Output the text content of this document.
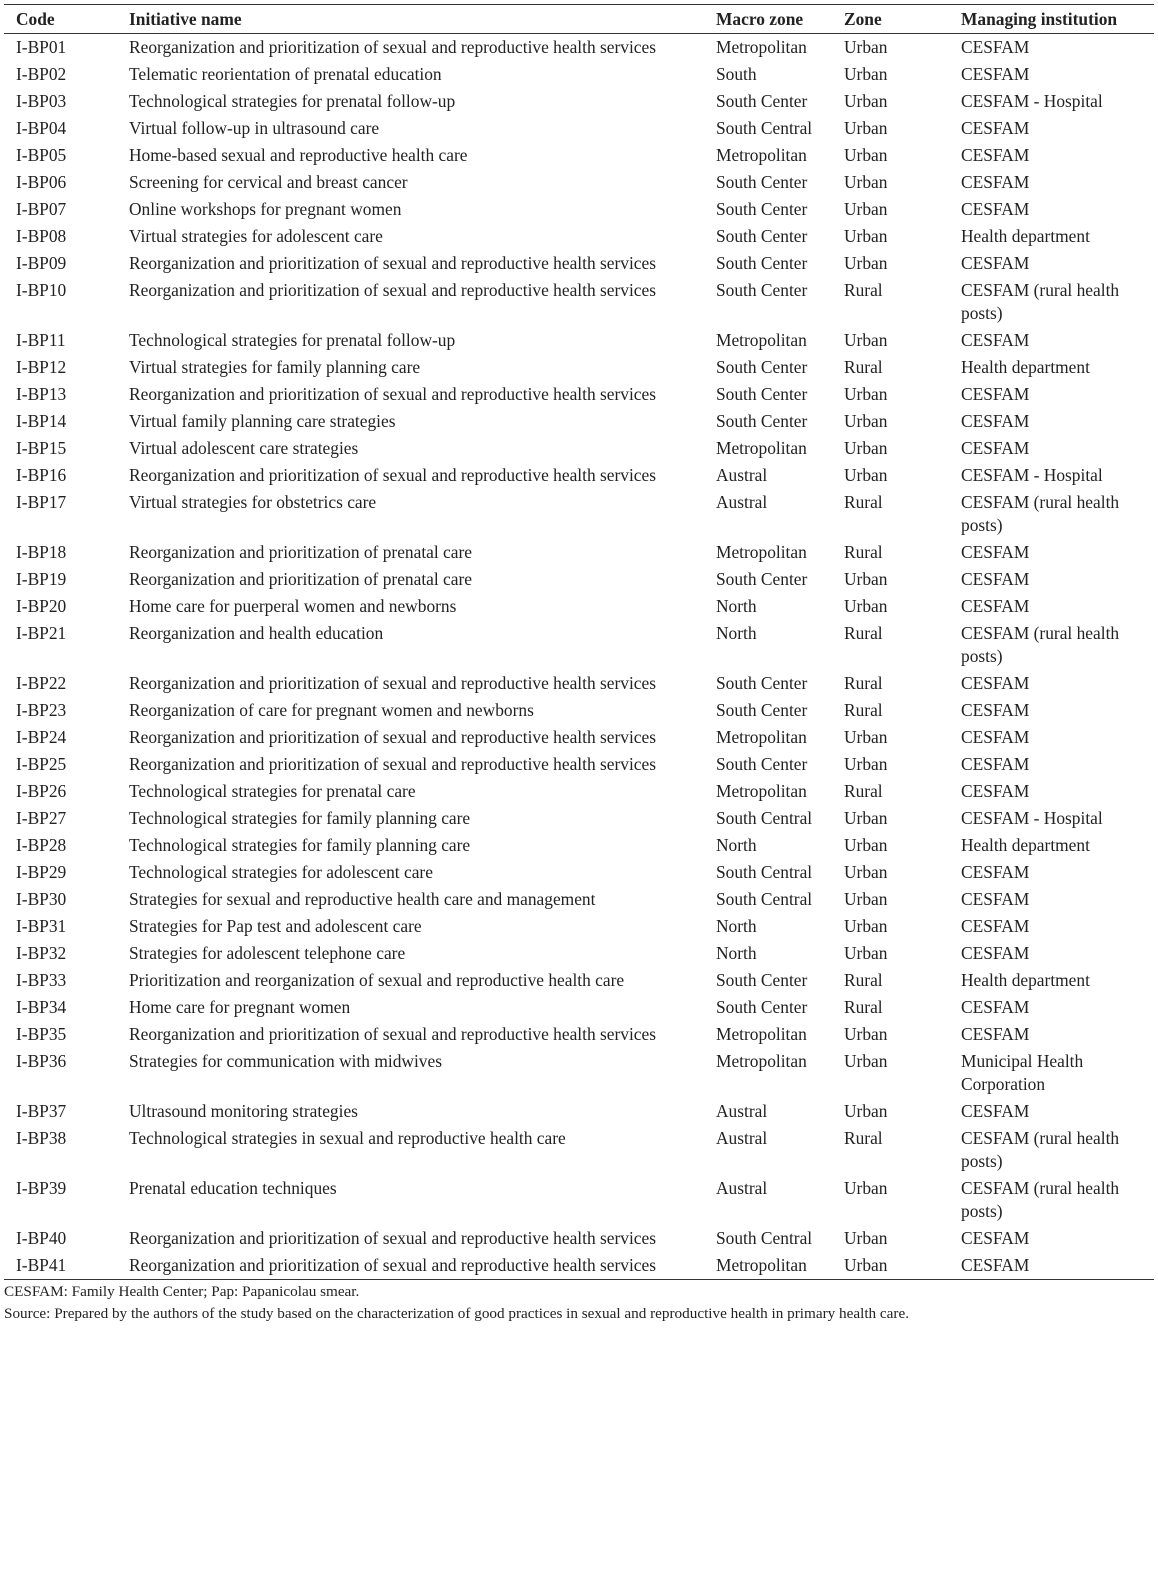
Code	Initiative name	Macro zone	Zone	Managing institution
I-BP01	Reorganization and prioritization of sexual and reproductive health services	Metropolitan	Urban	CESFAM
I-BP02	Telematic reorientation of prenatal education	South	Urban	CESFAM
I-BP03	Technological strategies for prenatal follow-up	South Center	Urban	CESFAM - Hospital
I-BP04	Virtual follow-up in ultrasound care	South Central	Urban	CESFAM
I-BP05	Home-based sexual and reproductive health care	Metropolitan	Urban	CESFAM
I-BP06	Screening for cervical and breast cancer	South Center	Urban	CESFAM
I-BP07	Online workshops for pregnant women	South Center	Urban	CESFAM
I-BP08	Virtual strategies for adolescent care	South Center	Urban	Health department
I-BP09	Reorganization and prioritization of sexual and reproductive health services	South Center	Urban	CESFAM
I-BP10	Reorganization and prioritization of sexual and reproductive health services	South Center	Rural	CESFAM (rural health posts)
I-BP11	Technological strategies for prenatal follow-up	Metropolitan	Urban	CESFAM
I-BP12	Virtual strategies for family planning care	South Center	Rural	Health department
I-BP13	Reorganization and prioritization of sexual and reproductive health services	South Center	Urban	CESFAM
I-BP14	Virtual family planning care strategies	South Center	Urban	CESFAM
I-BP15	Virtual adolescent care strategies	Metropolitan	Urban	CESFAM
I-BP16	Reorganization and prioritization of sexual and reproductive health services	Austral	Urban	CESFAM - Hospital
I-BP17	Virtual strategies for obstetrics care	Austral	Rural	CESFAM (rural health posts)
I-BP18	Reorganization and prioritization of prenatal care	Metropolitan	Rural	CESFAM
I-BP19	Reorganization and prioritization of prenatal care	South Center	Urban	CESFAM
I-BP20	Home care for puerperal women and newborns	North	Urban	CESFAM
I-BP21	Reorganization and health education	North	Rural	CESFAM (rural health posts)
I-BP22	Reorganization and prioritization of sexual and reproductive health services	South Center	Rural	CESFAM
I-BP23	Reorganization of care for pregnant women and newborns	South Center	Rural	CESFAM
I-BP24	Reorganization and prioritization of sexual and reproductive health services	Metropolitan	Urban	CESFAM
I-BP25	Reorganization and prioritization of sexual and reproductive health services	South Center	Urban	CESFAM
I-BP26	Technological strategies for prenatal care	Metropolitan	Rural	CESFAM
I-BP27	Technological strategies for family planning care	South Central	Urban	CESFAM - Hospital
I-BP28	Technological strategies for family planning care	North	Urban	Health department
I-BP29	Technological strategies for adolescent care	South Central	Urban	CESFAM
I-BP30	Strategies for sexual and reproductive health care and management	South Central	Urban	CESFAM
I-BP31	Strategies for Pap test and adolescent care	North	Urban	CESFAM
I-BP32	Strategies for adolescent telephone care	North	Urban	CESFAM
I-BP33	Prioritization and reorganization of sexual and reproductive health care	South Center	Rural	Health department
I-BP34	Home care for pregnant women	South Center	Rural	CESFAM
I-BP35	Reorganization and prioritization of sexual and reproductive health services	Metropolitan	Urban	CESFAM
I-BP36	Strategies for communication with midwives	Metropolitan	Urban	Municipal Health Corporation
I-BP37	Ultrasound monitoring strategies	Austral	Urban	CESFAM
I-BP38	Technological strategies in sexual and reproductive health care	Austral	Rural	CESFAM (rural health posts)
I-BP39	Prenatal education techniques	Austral	Urban	CESFAM (rural health posts)
I-BP40	Reorganization and prioritization of sexual and reproductive health services	South Central	Urban	CESFAM
I-BP41	Reorganization and prioritization of sexual and reproductive health services	Metropolitan	Urban	CESFAM
CESFAM: Family Health Center; Pap: Papanicolau smear.
Source: Prepared by the authors of the study based on the characterization of good practices in sexual and reproductive health in primary health care.
